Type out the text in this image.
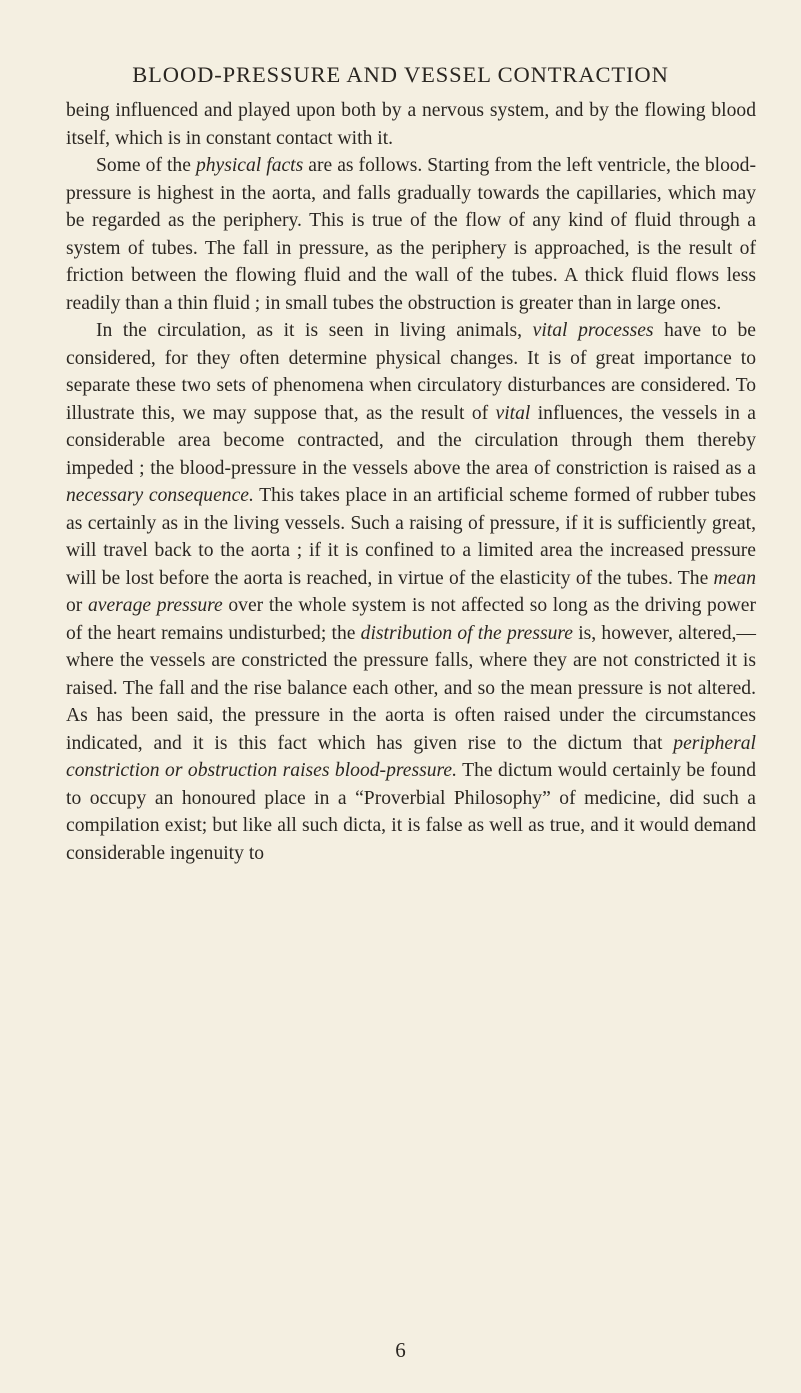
BLOOD-PRESSURE AND VESSEL CONTRACTION

being influenced and played upon both by a nervous system, and by the flowing blood itself, which is in constant contact with it.

Some of the physical facts are as follows. Starting from the left ventricle, the blood-pressure is highest in the aorta, and falls gradually towards the capillaries, which may be regarded as the periphery. This is true of the flow of any kind of fluid through a system of tubes. The fall in pressure, as the periphery is approached, is the result of friction between the flowing fluid and the wall of the tubes. A thick fluid flows less readily than a thin fluid ; in small tubes the obstruction is greater than in large ones.

In the circulation, as it is seen in living animals, vital processes have to be considered, for they often determine physical changes. It is of great importance to separate these two sets of phenomena when circulatory disturbances are considered. To illustrate this, we may suppose that, as the result of vital influences, the vessels in a considerable area become contracted, and the circulation through them thereby impeded ; the blood-pressure in the vessels above the area of constriction is raised as a necessary consequence. This takes place in an artificial scheme formed of rubber tubes as certainly as in the living vessels. Such a raising of pressure, if it is sufficiently great, will travel back to the aorta ; if it is confined to a limited area the increased pressure will be lost before the aorta is reached, in virtue of the elasticity of the tubes. The mean or average pressure over the whole system is not affected so long as the driving power of the heart remains undisturbed; the distribution of the pressure is, however, altered,—where the vessels are constricted the pressure falls, where they are not constricted it is raised. The fall and the rise balance each other, and so the mean pressure is not altered. As has been said, the pressure in the aorta is often raised under the circumstances indicated, and it is this fact which has given rise to the dictum that peripheral constriction or obstruction raises blood-pressure. The dictum would certainly be found to occupy an honoured place in a “Proverbial Philosophy” of medicine, did such a compilation exist; but like all such dicta, it is false as well as true, and it would demand considerable ingenuity to

6
